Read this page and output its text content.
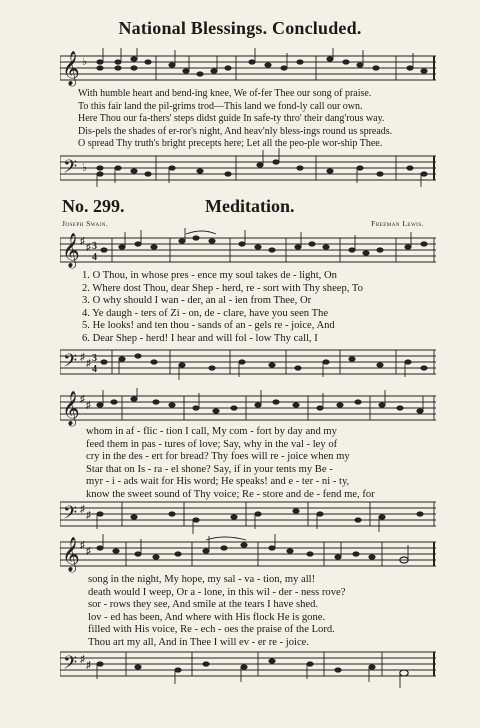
National Blessings. Concluded.
𝄞 ♭
With humble heart and bend-ing knee, We of-fer Thee our song of praise.
To this fair land the pil-grims trod—This land we fond-ly call our own.
Here Thou our fa-thers' steps didst guide In safe-ty thro' their dang'rous way.
Dis-pels the shades of er-ror's night, And heav'nly bless-ings round us spreads.
O spread Thy truth's bright precepts here; Let all the peo-ple wor-ship Thee.
𝄢 ♭
No. 299.	Meditation.
Joseph Swain.	Freeman Lewis.
𝄞 ♯
♯ 3
4
1. O Thou, in whose pres - ence my soul takes de - light, On
2. Where dost Thou, dear Shep - herd, re - sort with Thy sheep, To
3. O why should I wan - der, an al - ien from Thee, Or
4. Ye daugh - ters of Zi - on, de - clare, have you seen The
5. He looks! and ten thou - sands of an - gels re - joice, And
6. Dear Shep - herd! I hear and will fol - low Thy call, I
𝄢 ♯
♯ 3
4
𝄞 ♯
♯
whom in af - flic - tion I call, My com - fort by day and my
feed them in pas - tures of love; Say, why in the val - ley of
cry in the des - ert for bread? Thy foes will re - joice when my
Star that on Is - ra - el shone? Say, if in your tents my Be -
myr - i - ads wait for His word; He speaks! and e - ter - ni - ty,
know the sweet sound of Thy voice; Re - store and de - fend me, for
𝄢 ♯
♯
𝄞 ♯
♯
song in the night, My hope, my sal - va - tion, my all!
death would I weep, Or a - lone, in this wil - der - ness rove?
sor - rows they see, And smile at the tears I have shed.
lov - ed has been, And where with His flock He is gone.
filled with His voice, Re - ech - oes the praise of the Lord.
Thou art my all, And in Thee I will ev - er re - joice.
𝄢 ♯
♯
